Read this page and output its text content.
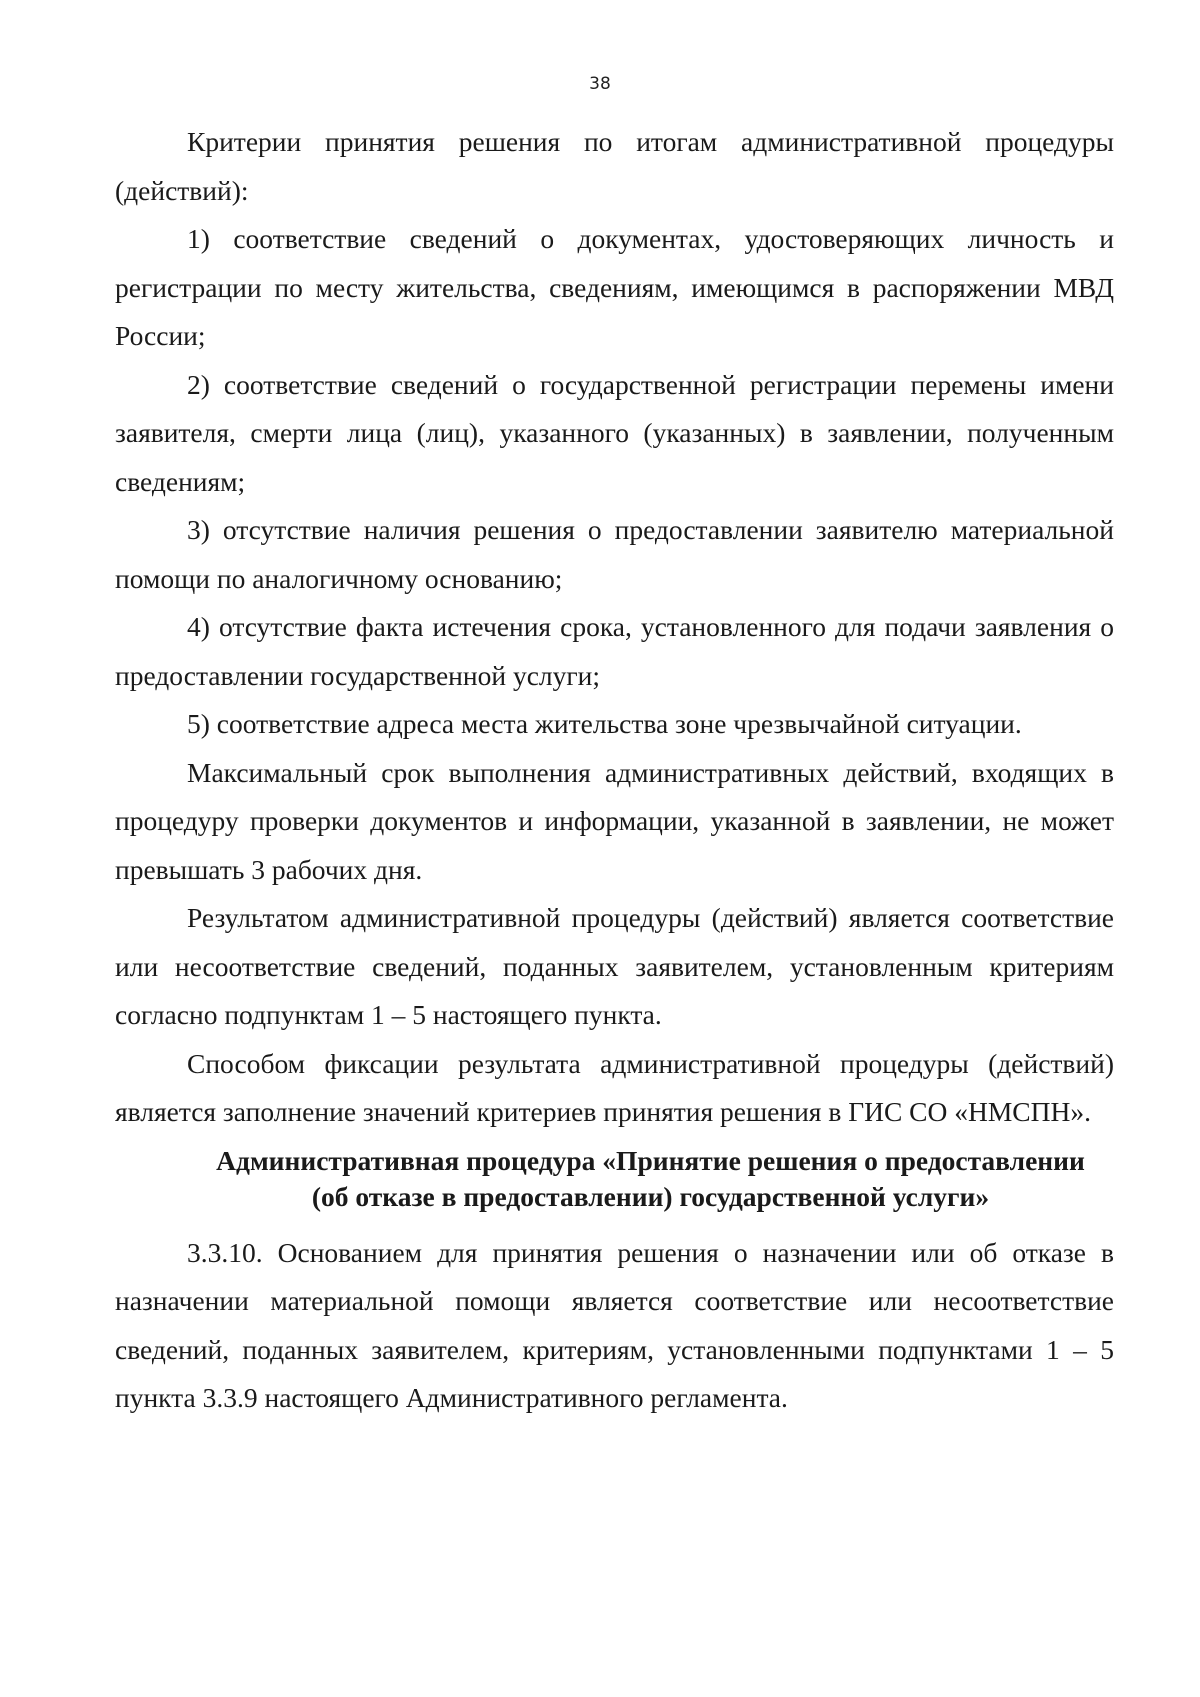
38

Критерии принятия решения по итогам административной процедуры (действий):

1) соответствие сведений о документах, удостоверяющих личность и регистрации по месту жительства, сведениям, имеющимся в распоряжении МВД России;

2) соответствие сведений о государственной регистрации перемены имени заявителя, смерти лица (лиц), указанного (указанных) в заявлении, полученным сведениям;

3) отсутствие наличия решения о предоставлении заявителю материальной помощи по аналогичному основанию;

4) отсутствие факта истечения срока, установленного для подачи заявления о предоставлении государственной услуги;

5) соответствие адреса места жительства зоне чрезвычайной ситуации.

Максимальный срок выполнения административных действий, входящих в процедуру проверки документов и информации, указанной в заявлении, не может превышать 3 рабочих дня.

Результатом административной процедуры (действий) является соответствие или несоответствие сведений, поданных заявителем, установленным критериям согласно подпунктам 1 – 5 настоящего пункта.

Способом фиксации результата административной процедуры (действий) является заполнение значений критериев принятия решения в ГИС СО «НМСПН».

Административная процедура «Принятие решения о предоставлении
(об отказе в предоставлении) государственной услуги»

3.3.10. Основанием для принятия решения о назначении или об отказе в назначении материальной помощи является соответствие или несоответствие сведений, поданных заявителем, критериям, установленными подпунктами 1 – 5 пункта 3.3.9 настоящего Административного регламента.
